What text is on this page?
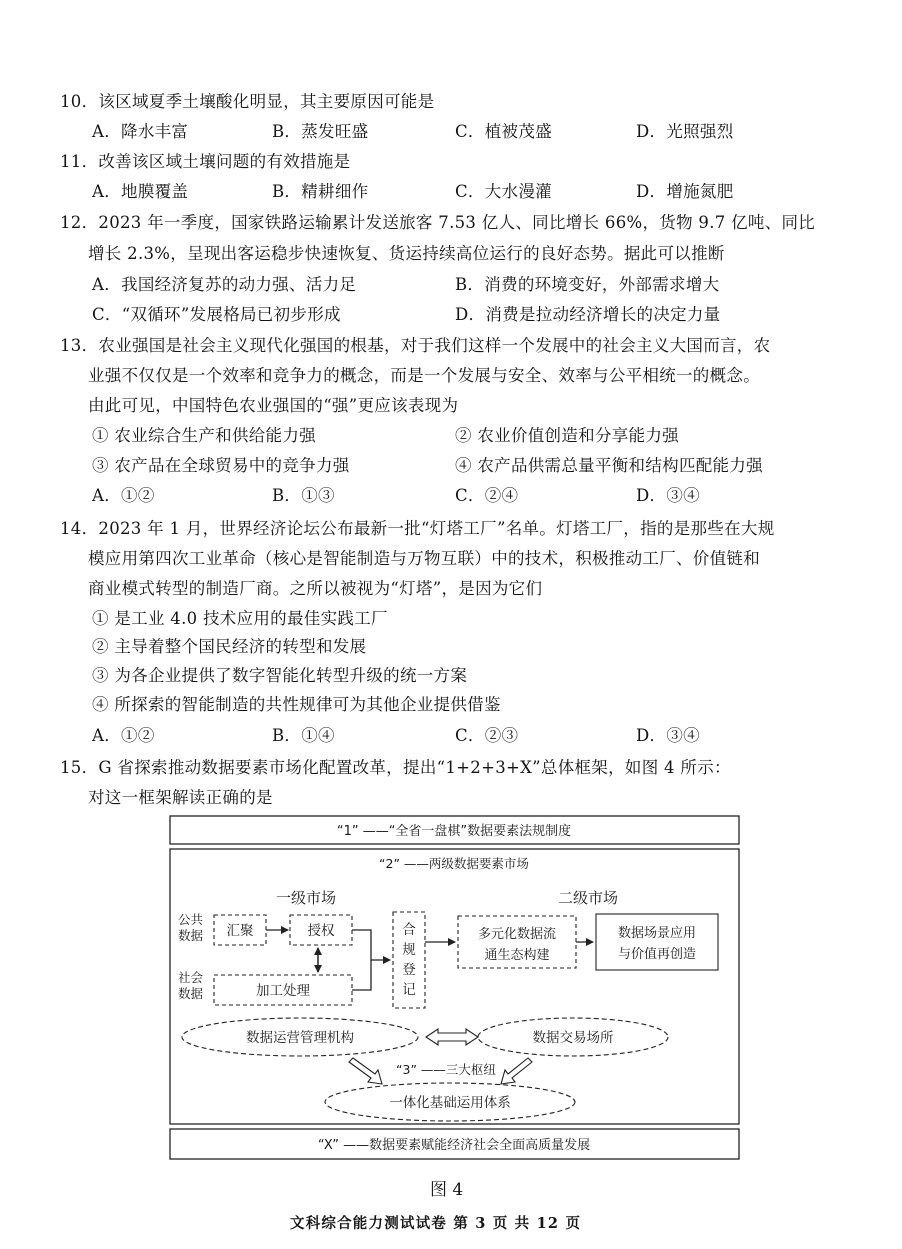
10．该区域夏季土壤酸化明显，其主要原因可能是
A．降水丰富	B．蒸发旺盛	C．植被茂盛	D．光照强烈
11．改善该区域土壤问题的有效措施是
A．地膜覆盖	B．精耕细作	C．大水漫灌	D．增施氮肥
12．2023 年一季度，国家铁路运输累计发送旅客 7.53 亿人、同比增长 66%，货物 9.7 亿吨、同比
增长 2.3%，呈现出客运稳步快速恢复、货运持续高位运行的良好态势。据此可以推断
A．我国经济复苏的动力强、活力足	B．消费的环境变好，外部需求增大
C．“双循环”发展格局已初步形成	D．消费是拉动经济增长的决定力量
13．农业强国是社会主义现代化强国的根基，对于我们这样一个发展中的社会主义大国而言，农
业强不仅仅是一个效率和竞争力的概念，而是一个发展与安全、效率与公平相统一的概念。
由此可见，中国特色农业强国的“强”更应该表现为
① 农业综合生产和供给能力强	② 农业价值创造和分享能力强
③ 农产品在全球贸易中的竞争力强	④ 农产品供需总量平衡和结构匹配能力强
A．①②	B．①③	C．②④	D．③④
14．2023 年 1 月，世界经济论坛公布最新一批“灯塔工厂”名单。灯塔工厂，指的是那些在大规
模应用第四次工业革命（核心是智能制造与万物互联）中的技术，积极推动工厂、价值链和
商业模式转型的制造厂商。之所以被视为“灯塔”，是因为它们
① 是工业 4.0 技术应用的最佳实践工厂
② 主导着整个国民经济的转型和发展
③ 为各企业提供了数字智能化转型升级的统一方案
④ 所探索的智能制造的共性规律可为其他企业提供借鉴
A．①②	B．①④	C．②③	D．③④
15．G 省探索推动数据要素市场化配置改革，提出“1+2+3+X”总体框架，如图 4 所示：
对这一框架解读正确的是
“1” ——“全省一盘棋”数据要素法规制度
“2” ——两级数据要素市场
一级市场	二级市场
公共
数据
社会
数据
汇聚	授权
加工处理
合
规
登
记
多元化数据流
通生态构建
数据场景应用
与价值再创造
数据运营管理机构	数据交易场所
“3” ——三大枢纽
一体化基础运用体系
“X” ——数据要素赋能经济社会全面高质量发展
图 4
文科综合能力测试试卷 第 3 页 共 12 页
